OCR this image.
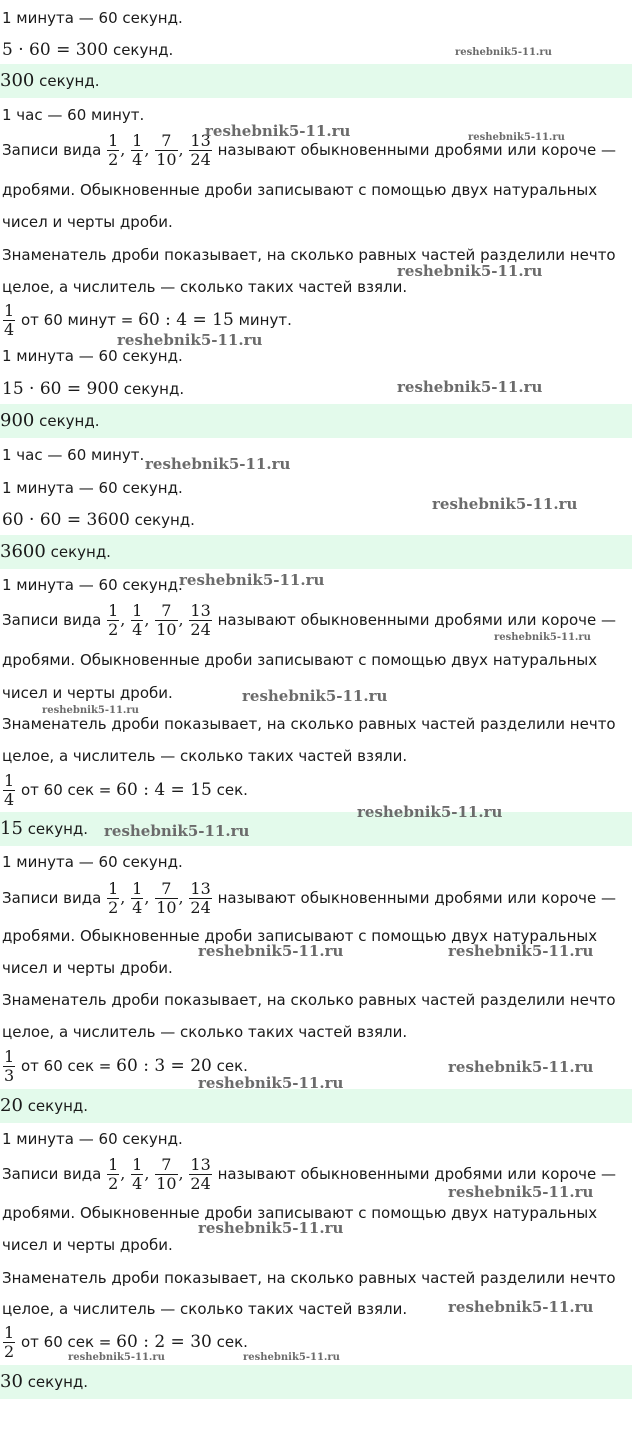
1 минута — 60 секунд.
5 · 60 = 300 секунд.
300 секунд.
1 час — 60 минут.
Записи вида $\frac{1}{2}$ , $\frac{1}{4}$ , $\frac{7}{10}$ , $\frac{13}{24}$ называют обыкновенными дробями или короче —
дробями. Обыкновенные дроби записывают с помощью двух натуральных
чисел и черты дроби.
Знаменатель дроби показывает, на сколько равных частей разделили нечто
целое, а числитель — сколько таких частей взяли.
$\frac{1}{4}$ от 60 минут = 60 : 4 = 15 минут.
1 минута — 60 секунд.
15 · 60 = 900 секунд.
900 секунд.
1 час — 60 минут.
1 минута — 60 секунд.
60 · 60 = 3600 секунд.
3600 секунд.
1 минута — 60 секунд.
Записи вида $\frac{1}{2}$ , $\frac{1}{4}$ , $\frac{7}{10}$ , $\frac{13}{24}$ называют обыкновенными дробями или короче —
дробями. Обыкновенные дроби записывают с помощью двух натуральных
чисел и черты дроби.
Знаменатель дроби показывает, на сколько равных частей разделили нечто
целое, а числитель — сколько таких частей взяли.
$\frac{1}{4}$ от 60 сек = 60 : 4 = 15 сек.
15 секунд.
1 минута — 60 секунд.
Записи вида $\frac{1}{2}$ , $\frac{1}{4}$ , $\frac{7}{10}$ , $\frac{13}{24}$ называют обыкновенными дробями или короче —
дробями. Обыкновенные дроби записывают с помощью двух натуральных
чисел и черты дроби.
Знаменатель дроби показывает, на сколько равных частей разделили нечто
целое, а числитель — сколько таких частей взяли.
$\frac{1}{3}$ от 60 сек = 60 : 3 = 20 сек.
20 секунд.
1 минута — 60 секунд.
Записи вида $\frac{1}{2}$ , $\frac{1}{4}$ , $\frac{7}{10}$ , $\frac{13}{24}$ называют обыкновенными дробями или короче —
дробями. Обыкновенные дроби записывают с помощью двух натуральных
чисел и черты дроби.
Знаменатель дроби показывает, на сколько равных частей разделили нечто
целое, а числитель — сколько таких частей взяли.
$\frac{1}{2}$ от 60 сек = 60 : 2 = 30 сек.
30 секунд.
reshebnik5-11.ru
reshebnik5-11.ru	reshebnik5-11.ru
reshebnik5-11.ru
reshebnik5-11.ru
reshebnik5-11.ru
reshebnik5-11.ru
reshebnik5-11.ru
reshebnik5-11.ru
reshebnik5-11.ru
reshebnik5-11.ru
reshebnik5-11.ru
reshebnik5-11.ru
reshebnik5-11.ru
reshebnik5-11.ru	reshebnik5-11.ru
reshebnik5-11.ru
reshebnik5-11.ru
reshebnik5-11.ru
reshebnik5-11.ru
reshebnik5-11.ru
reshebnik5-11.ru	reshebnik5-11.ru
